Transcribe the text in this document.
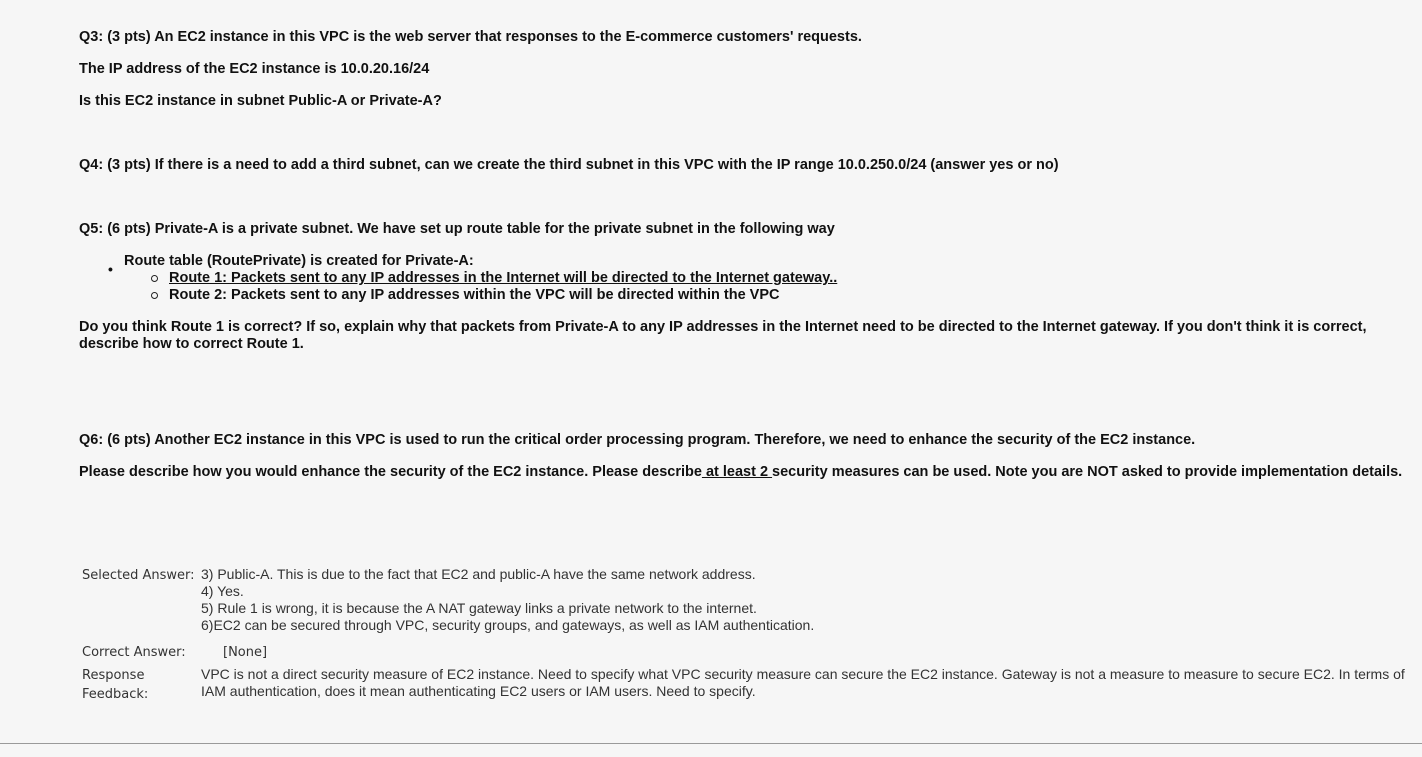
Q3: (3 pts) An EC2 instance in this VPC is the web server that responses to the E-commerce customers' requests.
The IP address of the EC2 instance is 10.0.20.16/24
Is this EC2 instance in subnet Public-A or Private-A?
Q4: (3 pts) If there is a need to add a third subnet, can we create the third subnet in this VPC with the IP range 10.0.250.0/24 (answer yes or no)
Q5: (6 pts) Private-A is a private subnet. We have set up route table for the private subnet in the following way
• Route table (RoutePrivate) is created for Private-A:
Route 1: Packets sent to any IP addresses in the Internet will be directed to the Internet gateway..
Route 2: Packets sent to any IP addresses within the VPC will be directed within the VPC
Do you think Route 1 is correct? If so, explain why that packets from Private-A to any IP addresses in the Internet need to be directed to the Internet gateway. If you don't think it is correct, describe how to correct Route 1.
Q6: (6 pts) Another EC2 instance in this VPC is used to run the critical order processing program. Therefore, we need to enhance the security of the EC2 instance.
Please describe how you would enhance the security of the EC2 instance. Please describe at least 2 security measures can be used. Note you are NOT asked to provide implementation details.
Selected Answer: 3) Public-A. This is due to the fact that EC2 and public-A have the same network address.
4) Yes.
5) Rule 1 is wrong, it is because the A NAT gateway links a private network to the internet.
6)EC2 can be secured through VPC, security groups, and gateways, as well as IAM authentication.
Correct Answer:	[None]
Response Feedback:
VPC is not a direct security measure of EC2 instance. Need to specify what VPC security measure can secure the EC2 instance. Gateway is not a measure to measure to secure EC2. In terms of IAM authentication, does it mean authenticating EC2 users or IAM users. Need to specify.
